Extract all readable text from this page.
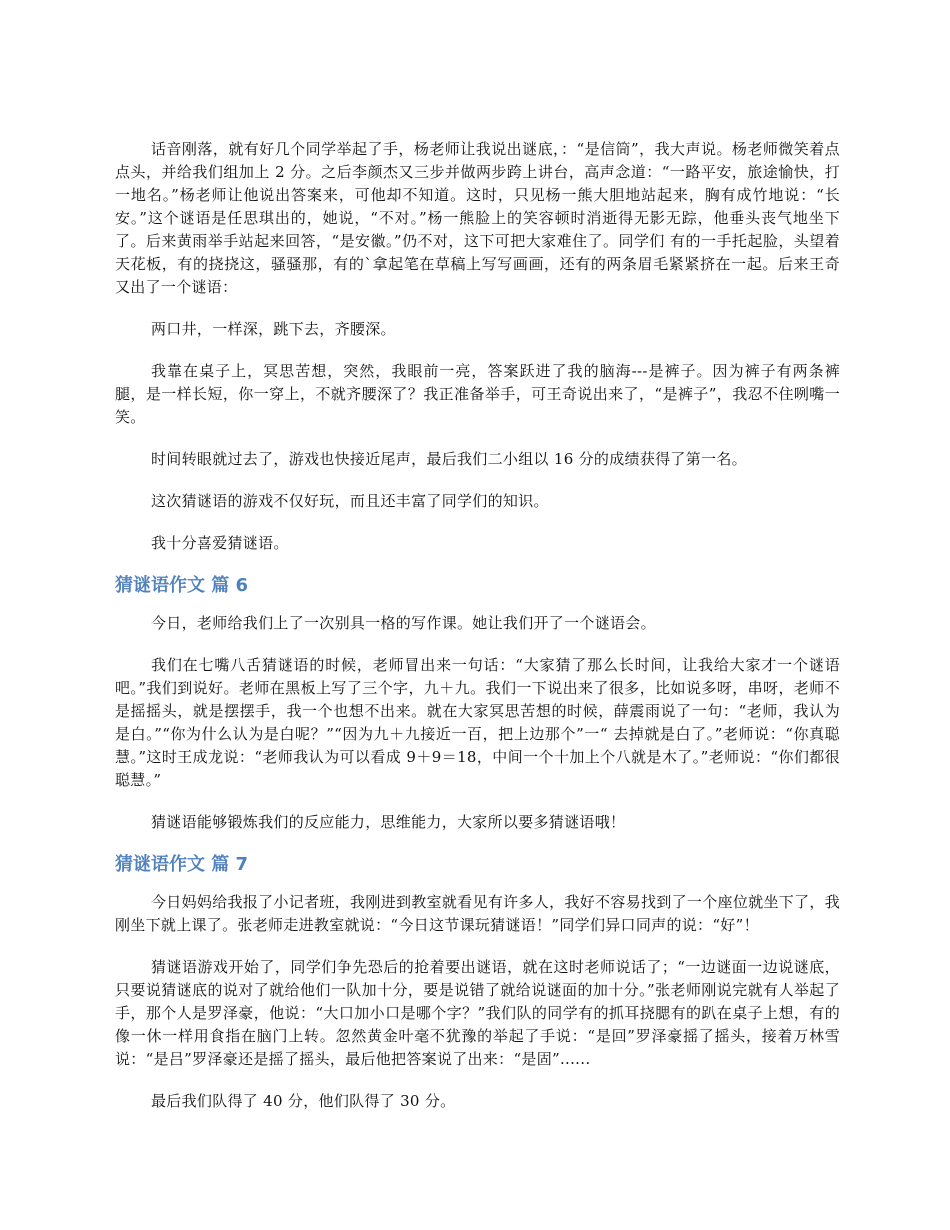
话音刚落，就有好几个同学举起了手，杨老师让我说出谜底，：“是信筒”，我大声说。杨老师微笑着点点头，并给我们组加上 2 分。之后李颜杰又三步并做两步跨上讲台，高声念道：“一路平安，旅途愉快，打一地名。”杨老师让他说出答案来，可他却不知道。这时，只见杨一熊大胆地站起来，胸有成竹地说：“长安。”这个谜语是任思琪出的，她说，“不对。”杨一熊脸上的笑容顿时消逝得无影无踪，他垂头丧气地坐下了。后来黄雨举手站起来回答，“是安徽。”仍不对，这下可把大家难住了。同学们 有的一手托起脸，头望着天花板，有的挠挠这，骚骚那，有的`拿起笔在草稿上写写画画，还有的两条眉毛紧紧挤在一起。后来王奇又出了一个谜语：

两口井，一样深，跳下去，齐腰深。

我靠在桌子上，冥思苦想，突然，我眼前一亮，答案跃进了我的脑海---是裤子。因为裤子有两条裤腿，是一样长短，你一穿上，不就齐腰深了？我正准备举手，可王奇说出来了，“是裤子”，我忍不住咧嘴一笑。

时间转眼就过去了，游戏也快接近尾声，最后我们二小组以 16 分的成绩获得了第一名。

这次猜谜语的游戏不仅好玩，而且还丰富了同学们的知识。

我十分喜爱猜谜语。

猜谜语作文 篇 6

今日，老师给我们上了一次别具一格的写作课。她让我们开了一个谜语会。

我们在七嘴八舌猜谜语的时候，老师冒出来一句话：“大家猜了那么长时间，让我给大家才一个谜语吧。”我们到说好。老师在黑板上写了三个字，九＋九。我们一下说出来了很多，比如说多呀，串呀，老师不是摇摇头，就是摆摆手，我一个也想不出来。就在大家冥思苦想的时候，薛震雨说了一句：“老师，我认为是白。”“你为什么认为是白呢？”“因为九＋九接近一百，把上边那个”一“ 去掉就是白了。”老师说：“你真聪慧。”这时王成龙说：“老师我认为可以看成 9＋9＝18，中间一个十加上个八就是木了。”老师说：“你们都很聪慧。”

猜谜语能够锻炼我们的反应能力，思维能力，大家所以要多猜谜语哦！

猜谜语作文 篇 7

今日妈妈给我报了小记者班，我刚进到教室就看见有许多人，我好不容易找到了一个座位就坐下了，我刚坐下就上课了。张老师走进教室就说：“今日这节课玩猜谜语！”同学们异口同声的说：“好”！

猜谜语游戏开始了，同学们争先恐后的抢着要出谜语，就在这时老师说话了；“一边谜面一边说谜底，只要说猜谜底的说对了就给他们一队加十分，要是说错了就给说谜面的加十分。”张老师刚说完就有人举起了手，那个人是罗泽豪，他说：“大口加小口是哪个字？”我们队的同学有的抓耳挠腮有的趴在桌子上想，有的像一休一样用食指在脑门上转。忽然黄金叶毫不犹豫的举起了手说：“是回”罗泽豪摇了摇头，接着万林雪说：“是吕”罗泽豪还是摇了摇头，最后他把答案说了出来：“是固”......

最后我们队得了 40 分，他们队得了 30 分。
